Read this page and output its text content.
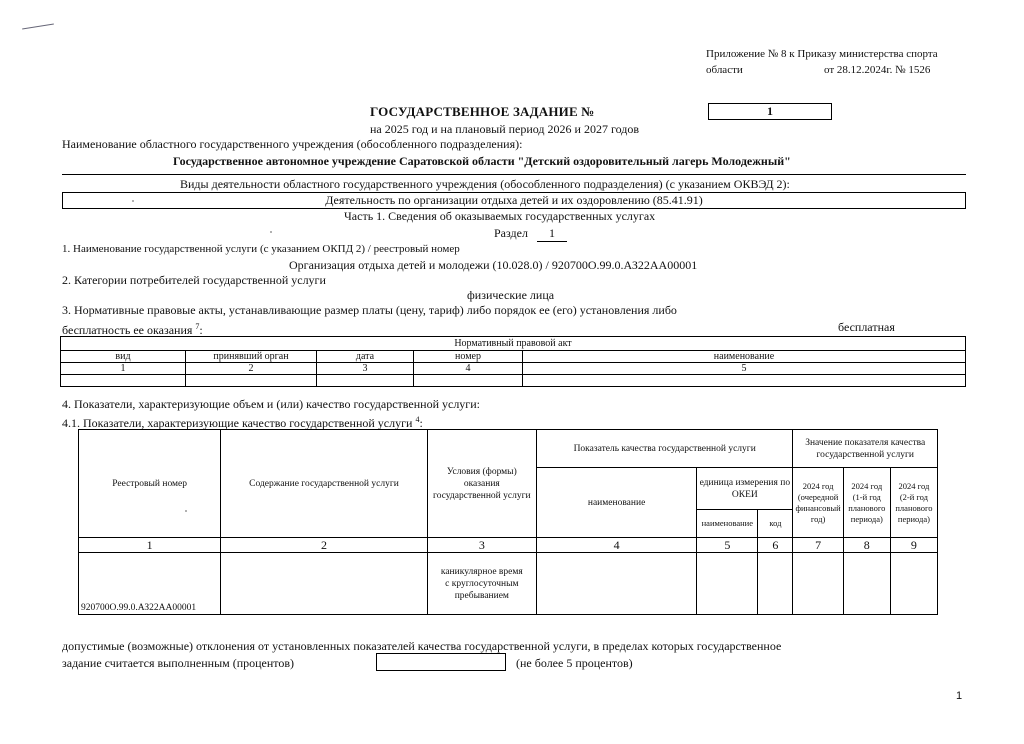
Приложение № 8 к Приказу министерства спорта
области	от 28.12.2024г. № 1526
ГОСУДАРСТВЕННОЕ ЗАДАНИЕ №	1
на 2025 год и на плановый период 2026 и 2027 годов
Наименование областного государственного учреждения (обособленного подразделения):
Государственное автономное учреждение Саратовской области "Детский оздоровительный лагерь Молодежный"
Виды деятельности областного государственного учреждения (обособленного подразделения) (с указанием ОКВЭД 2):
Деятельность по организации отдыха детей и их оздоровлению (85.41.91)
Часть 1. Сведения об оказываемых государственных услугах
Раздел 1
1. Наименование государственной услуги (с указанием ОКПД 2) / реестровый номер
Организация отдыха детей и молодежи (10.028.0) / 920700О.99.0.АЗ22АА00001
2. Категории потребителей государственной услуги
физические лица
3. Нормативные правовые акты, устанавливающие размер платы (цену, тариф) либо порядок ее (его) установления либо
бесплатность ее оказания $^7$:	бесплатная
Нормативный правовой акт				
вид	принявший орган	дата	номер	наименование
1	2	3	4	5

4. Показатели, характеризующие объем и (или) качество государственной услуги:
4.1. Показатели, характеризующие качество государственной услуги $^4$:
Реестровый номер	Содержание государственной услуги	Условия (формы) оказания государственной услуги	Показатель качества государственной услуги			Значение показателя качества государственной услуги		
			наименование	единица измерения по ОКЕИ		2024 год (очередной финансовый год)	2024 год (1-й год планового периода)	2024 год (2-й год планового периода)
				наименование	код			
1	2	3	4	5	6	7	8	9
920700О.99.0.АЗ22АА00001		каникулярное время
с круглосуточным
пребыванием						

допустимые (возможные) отклонения от установленных показателей качества государственной услуги, в пределах которых государственное
задание считается выполненным (процентов)	(не более 5 процентов)
1
